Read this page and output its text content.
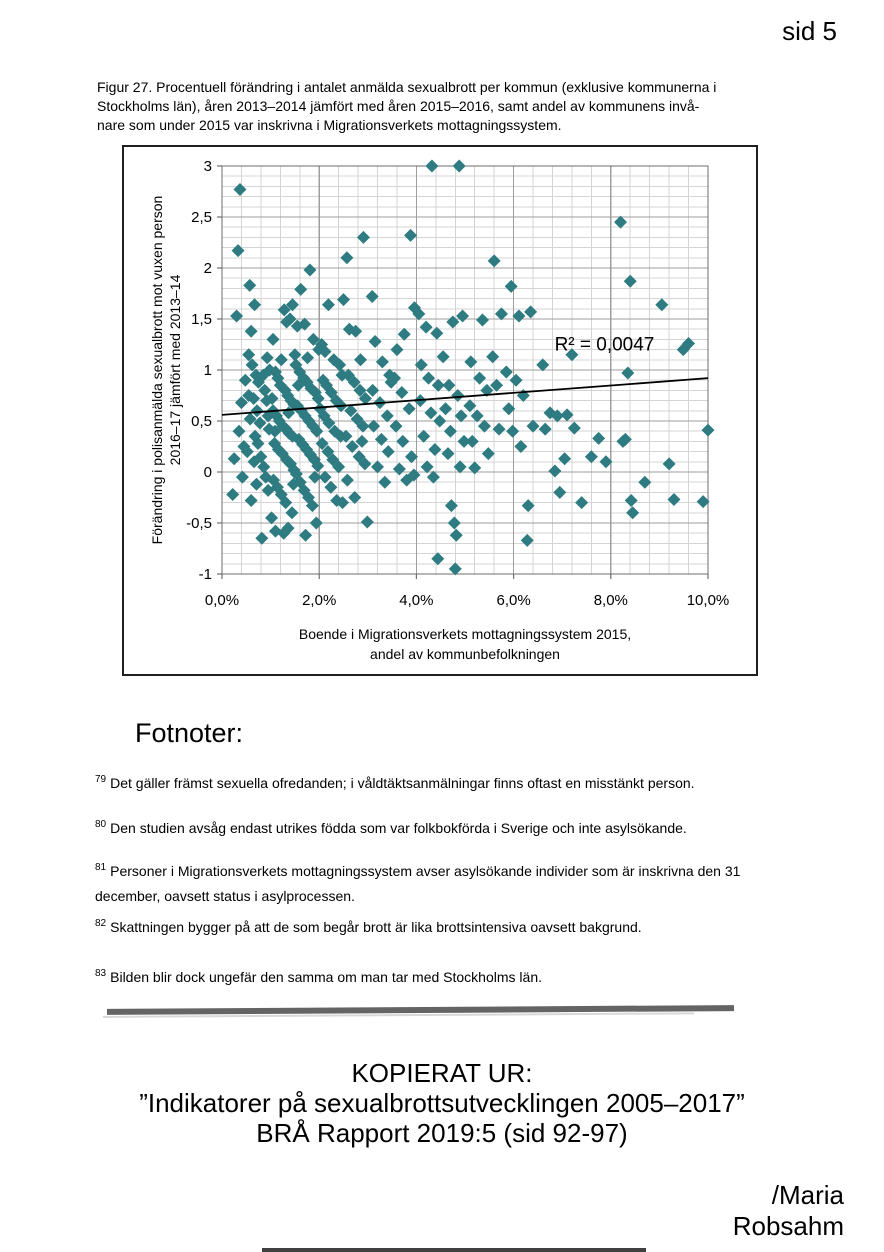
sid 5
Figur 27. Procentuell förändring i antalet anmälda sexualbrott per kommun (exklusive kommunerna i
Stockholms län), åren 2013–2014 jämfört med åren 2015–2016, samt andel av kommunens invå-
nare som under 2015 var inskrivna i Migrationsverkets mottagningssystem.
R² = 0,0047
0,0%	2,0%	4,0%	6,0%	8,0%	10,0%
3
2,5
2
1,5
1
0,5
0
-0,5
-1
Boende i Migrationsverkets mottagningssystem 2015,
andel av kommunbefolkningen
Förändring i polisanmälda sexualbrott mot vuxen person 2016–17 jämfört med 2013–14
Fotnoter:
$^{79}$ Det gäller främst sexuella ofredanden; i våldtäktsanmälningar finns oftast en misstänkt person.
$^{80}$ Den studien avsåg endast utrikes födda som var folkbokförda i Sverige och inte asylsökande.
$^{81}$ Personer i Migrationsverkets mottagningssystem avser asylsökande individer som är inskrivna den 31 december, oavsett status i asylprocessen.
$^{82}$ Skattningen bygger på att de som begår brott är lika brottsintensiva oavsett bakgrund.
$^{83}$ Bilden blir dock ungefär den samma om man tar med Stockholms län.
KOPIERAT UR:
”Indikatorer på sexualbrottsutvecklingen 2005–2017”
BRÅ Rapport 2019:5 (sid 92-97)
/Maria
Robsahm
